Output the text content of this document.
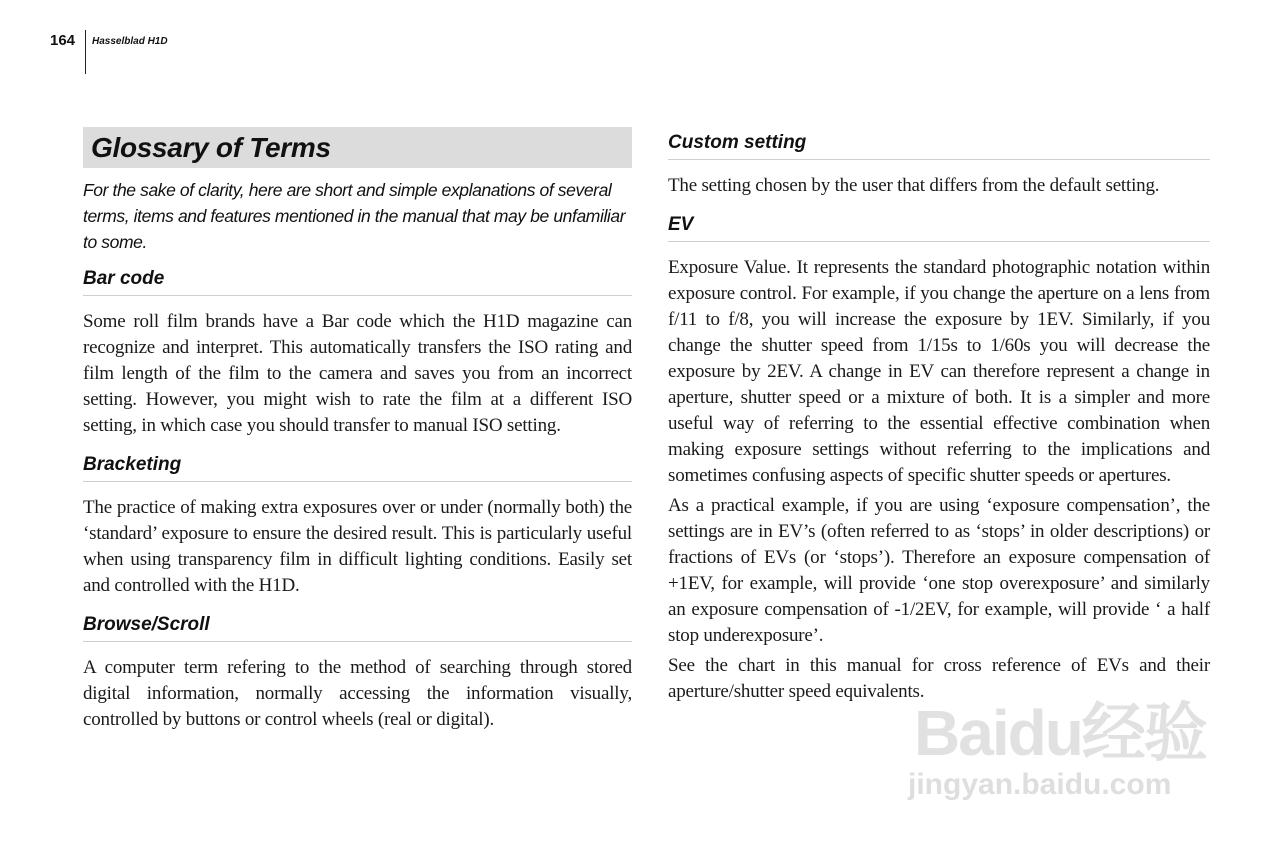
164 Hasselblad H1D
Glossary of Terms

For the sake of clarity, here are short and simple explanations of several terms, items and features mentioned in the manual that may be unfamiliar to some.

Bar code

Some roll film brands have a Bar code which the H1D magazine can recognize and interpret. This automatically transfers the ISO rating and film length of the film to the camera and saves you from an incorrect setting. However, you might wish to rate the film at a different ISO setting, in which case you should transfer to manual ISO setting.

Bracketing

The practice of making extra exposures over or under (normally both) the ‘standard’ exposure to ensure the desired result. This is particularly useful when using transparency film in difficult lighting conditions. Easily set and controlled with the H1D.

Browse/Scroll

A computer term refering to the method of searching through stored digital information, normally accessing the information visually, controlled by buttons or control wheels (real or digital).

Custom setting

The setting chosen by the user that differs from the default setting.

EV

Exposure Value. It represents the standard photographic notation within exposure control. For example, if you change the aperture on a lens from f/11 to f/8, you will increase the exposure by 1EV. Similarly, if you change the shutter speed from 1/15s to 1/60s you will decrease the exposure by 2EV. A change in EV can therefore represent a change in aperture, shutter speed or a mixture of both. It is a simpler and more useful way of referring to the essential effective combination when making exposure settings without referring to the implications and sometimes confusing aspects of specific shutter speeds or apertures.

As a practical example, if you are using ‘exposure compensation’, the settings are in EV’s (often referred to as ‘stops’ in older descriptions) or fractions of EVs (or ‘stops’). Therefore an exposure compensation of +1EV, for example, will provide ‘one stop overexposure’ and similarly an exposure compensation of -1/2EV, for example, will provide ‘ a half stop underexposure’.

See the chart in this manual for cross reference of EVs and their aperture/shutter speed equivalents.

Baidu经验
jingyan.baidu.com
